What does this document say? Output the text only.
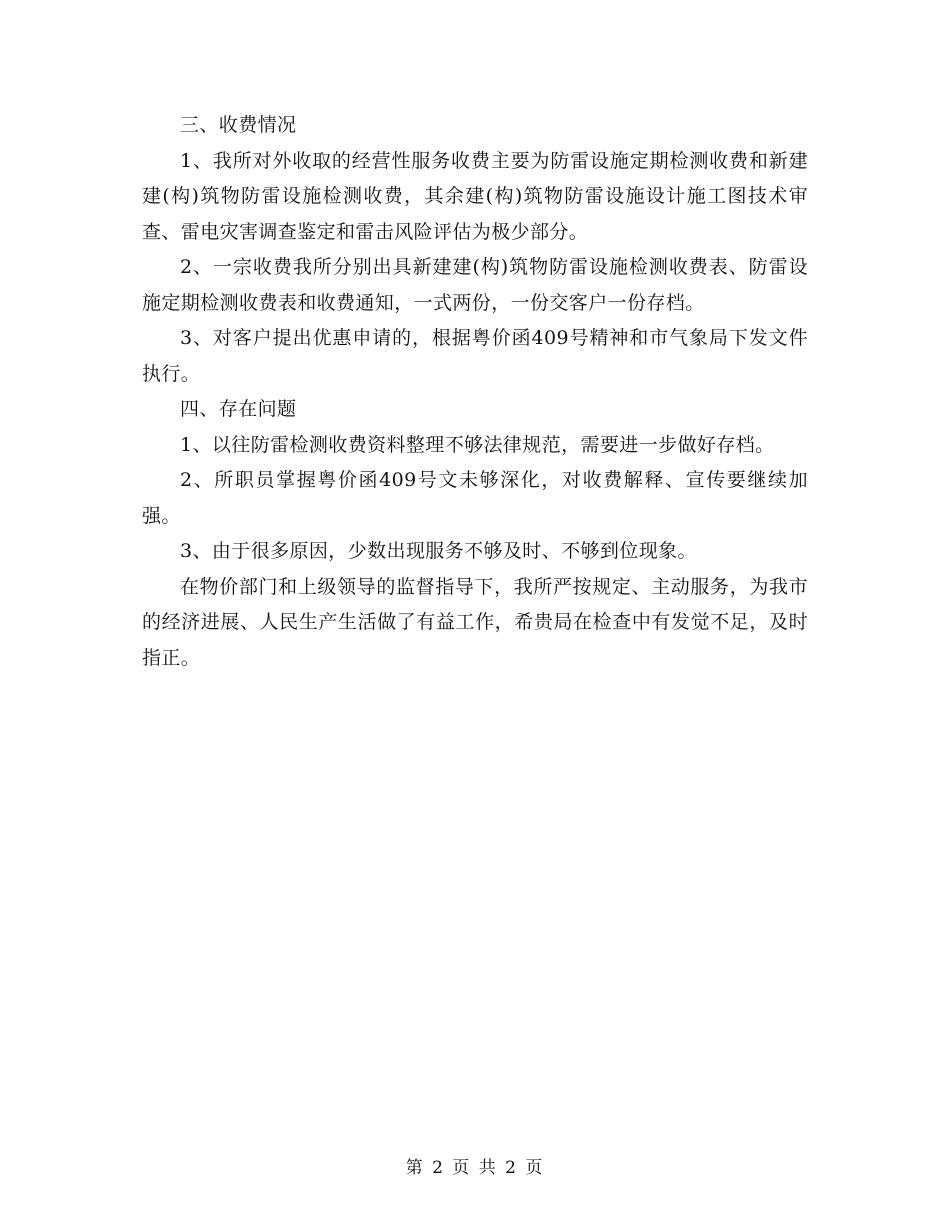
三、收费情况

1、我所对外收取的经营性服务收费主要为防雷设施定期检测收费和新建建(构)筑物防雷设施检测收费，其余建(构)筑物防雷设施设计施工图技术审查、雷电灾害调查鉴定和雷击风险评估为极少部分。

2、一宗收费我所分别出具新建建(构)筑物防雷设施检测收费表、防雷设施定期检测收费表和收费通知，一式两份，一份交客户一份存档。

3、对客户提出优惠申请的，根据粤价函409号精神和市气象局下发文件执行。

四、存在问题

1、以往防雷检测收费资料整理不够法律规范，需要进一步做好存档。

2、所职员掌握粤价函409号文未够深化，对收费解释、宣传要继续加强。

3、由于很多原因，少数出现服务不够及时、不够到位现象。

在物价部门和上级领导的监督指导下，我所严按规定、主动服务，为我市的经济进展、人民生产生活做了有益工作，希贵局在检查中有发觉不足，及时指正。

第 2 页 共 2 页
